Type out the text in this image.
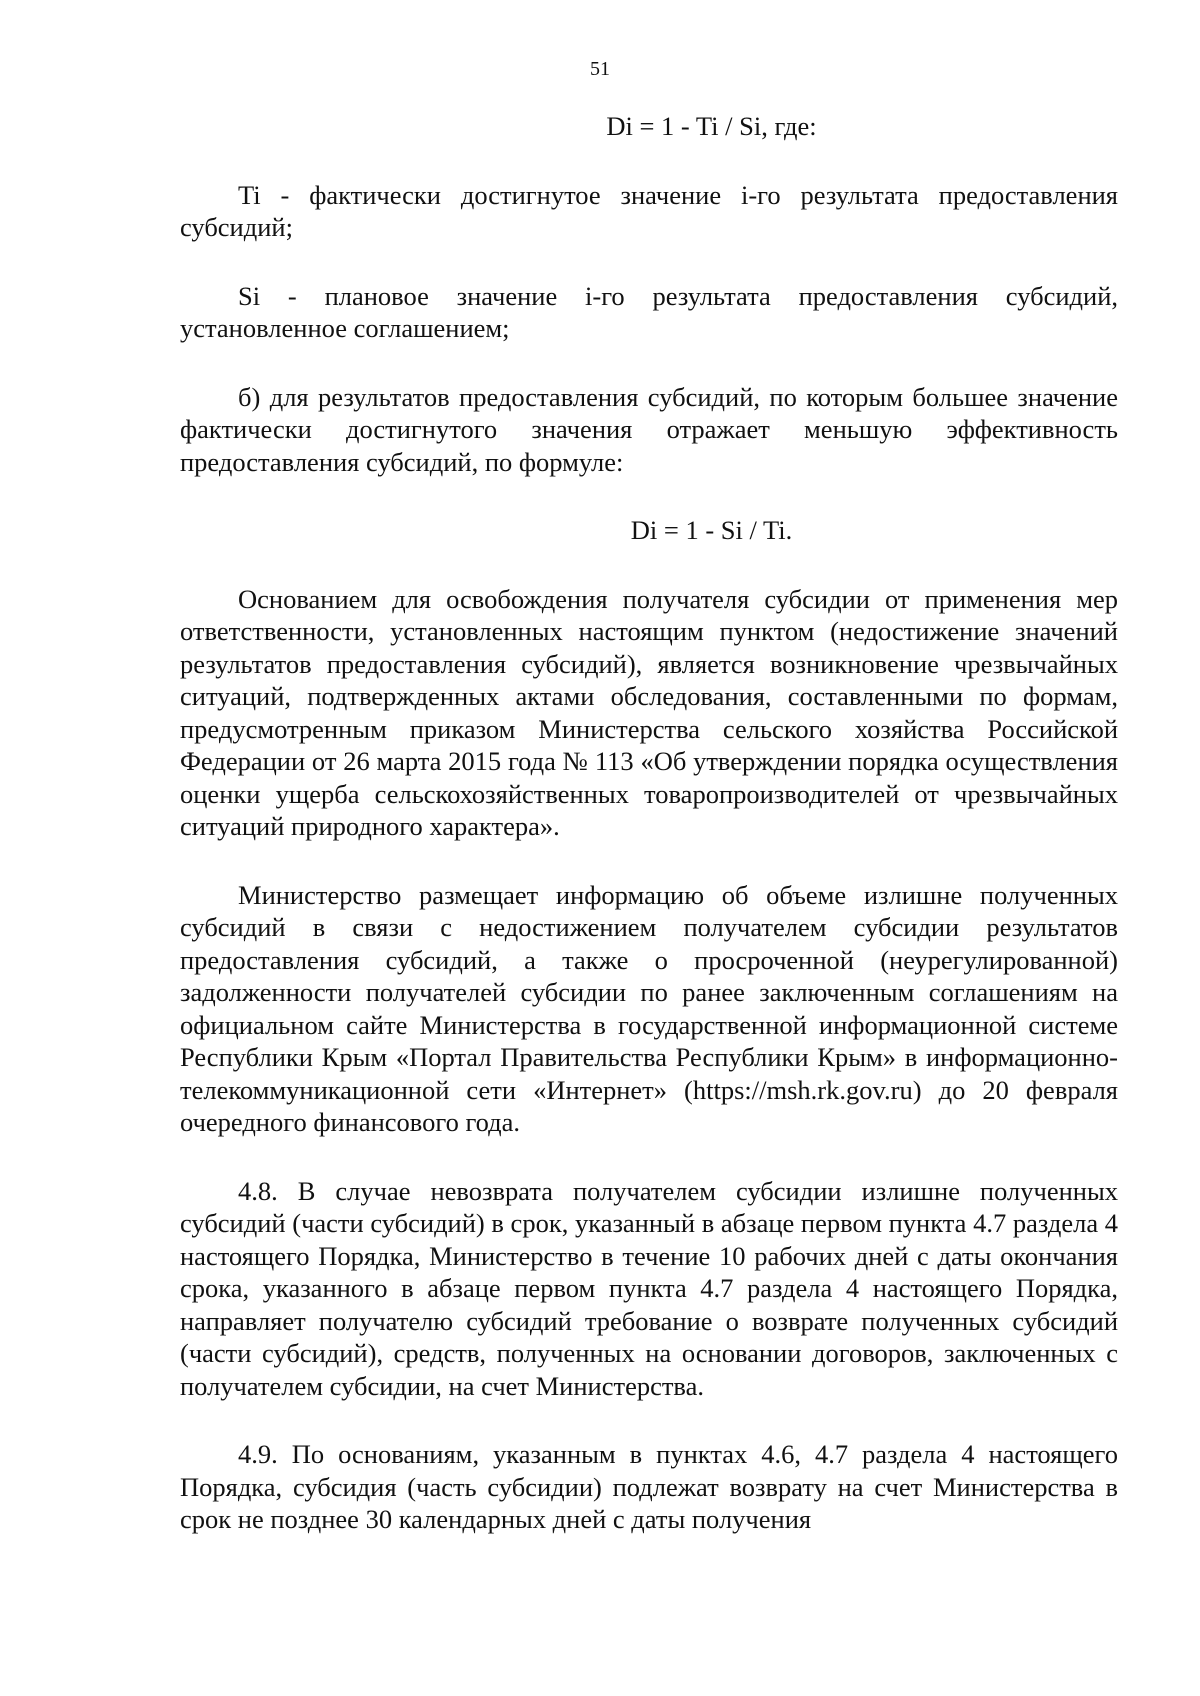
51

Di = 1 - Ti / Si, где:

Ti - фактически достигнутое значение i-го результата предоставления субсидий;

Si - плановое значение i-го результата предоставления субсидий, установленное соглашением;

б) для результатов предоставления субсидий, по которым большее значение фактически достигнутого значения отражает меньшую эффективность предоставления субсидий, по формуле:

Di = 1 - Si / Ti.

Основанием для освобождения получателя субсидии от применения мер ответственности, установленных настоящим пунктом (недостижение значений результатов предоставления субсидий), является возникновение чрезвычайных ситуаций, подтвержденных актами обследования, составленными по формам, предусмотренным приказом Министерства сельского хозяйства Российской Федерации от 26 марта 2015 года № 113 «Об утверждении порядка осуществления оценки ущерба сельскохозяйственных товаропроизводителей от чрезвычайных ситуаций природного характера».

Министерство размещает информацию об объеме излишне полученных субсидий в связи с недостижением получателем субсидии результатов предоставления субсидий, а также о просроченной (неурегулированной) задолженности получателей субсидии по ранее заключенным соглашениям на официальном сайте Министерства в государственной информационной системе Республики Крым «Портал Правительства Республики Крым» в информационно-телекоммуникационной сети «Интернет» (https://msh.rk.gov.ru) до 20 февраля очередного финансового года.

4.8. В случае невозврата получателем субсидии излишне полученных субсидий (части субсидий) в срок, указанный в абзаце первом пункта 4.7 раздела 4 настоящего Порядка, Министерство в течение 10 рабочих дней с даты окончания срока, указанного в абзаце первом пункта 4.7 раздела 4 настоящего Порядка, направляет получателю субсидий требование о возврате полученных субсидий (части субсидий), средств, полученных на основании договоров, заключенных с получателем субсидии, на счет Министерства.

4.9. По основаниям, указанным в пунктах 4.6, 4.7 раздела 4 настоящего Порядка, субсидия (часть субсидии) подлежат возврату на счет Министерства в срок не позднее 30 календарных дней с даты получения
